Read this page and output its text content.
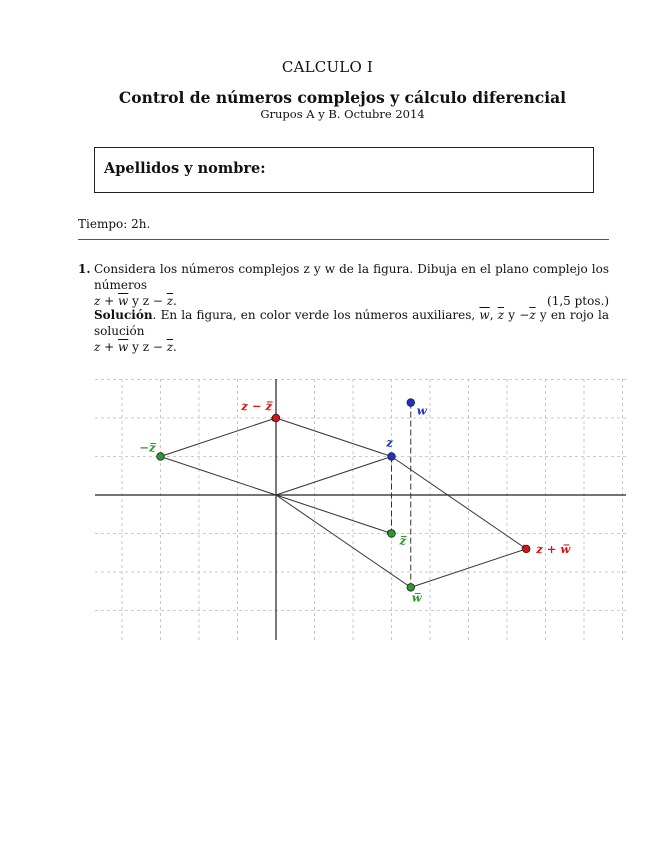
CALCULO I
Control de números complejos y cálculo diferencial
Grupos A y B. Octubre 2014
Apellidos y nombre:
Tiempo: 2h.
1. Considera los números complejos z y w de la figura. Dibuja en el plano complejo los números
$z + \overline{w}$ y $z - \overline{z}$.	(1,5 ptos.)
Solución. En la figura, en color verde los números auxiliares, $\overline{w}$, $\overline{z}$ $y -\overline{z}$ y en rojo la solución
$z + \overline{w}$ y $z - \overline{z}$.
w
z
z̅
w̅
−z̅
z − z̅
z + w̅
